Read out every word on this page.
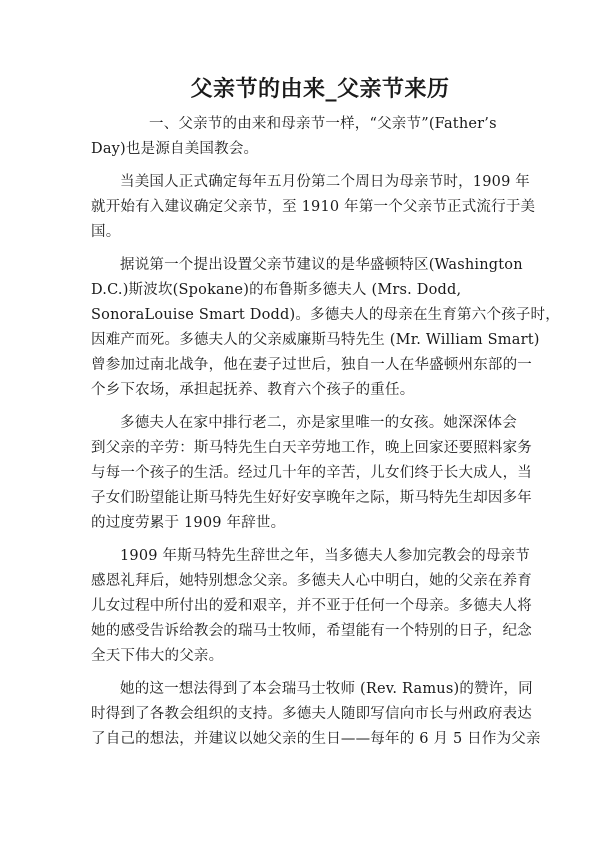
父亲节的由来_父亲节来历

一、父亲节的由来和母亲节一样，“父亲节”(Father’s
Day)也是源自美国教会。

当美国人正式确定每年五月份第二个周日为母亲节时，1909 年
就开始有入建议确定父亲节，至 1910 年第一个父亲节正式流行于美
国。

据说第一个提出设置父亲节建议的是华盛顿特区(Washington
D.C.)斯波坎(Spokane)的布鲁斯多德夫人 (Mrs. Dodd,
SonoraLouise Smart Dodd)。多德夫人的母亲在生育第六个孩子时，
因难产而死。多德夫人的父亲威廉斯马特先生 (Mr. William Smart)
曾参加过南北战争，他在妻子过世后，独自一人在华盛顿州东部的一
个乡下农场，承担起抚养、教育六个孩子的重任。

多德夫人在家中排行老二，亦是家里唯一的女孩。她深深体会
到父亲的辛劳：斯马特先生白天辛劳地工作，晚上回家还要照料家务
与每一个孩子的生活。经过几十年的辛苦，儿女们终于长大成人，当
子女们盼望能让斯马特先生好好安享晚年之际，斯马特先生却因多年
的过度劳累于 1909 年辞世。

1909 年斯马特先生辞世之年，当多德夫人参加完教会的母亲节
感恩礼拜后，她特别想念父亲。多德夫人心中明白，她的父亲在养育
儿女过程中所付出的爱和艰辛，并不亚于任何一个母亲。多德夫人将
她的感受告诉给教会的瑞马士牧师，希望能有一个特别的日子，纪念
全天下伟大的父亲。

她的这一想法得到了本会瑞马士牧师 (Rev. Ramus)的赞许，同
时得到了各教会组织的支持。多德夫人随即写信向市长与州政府表达
了自己的想法，并建议以她父亲的生日——每年的 6 月 5 日作为父亲
